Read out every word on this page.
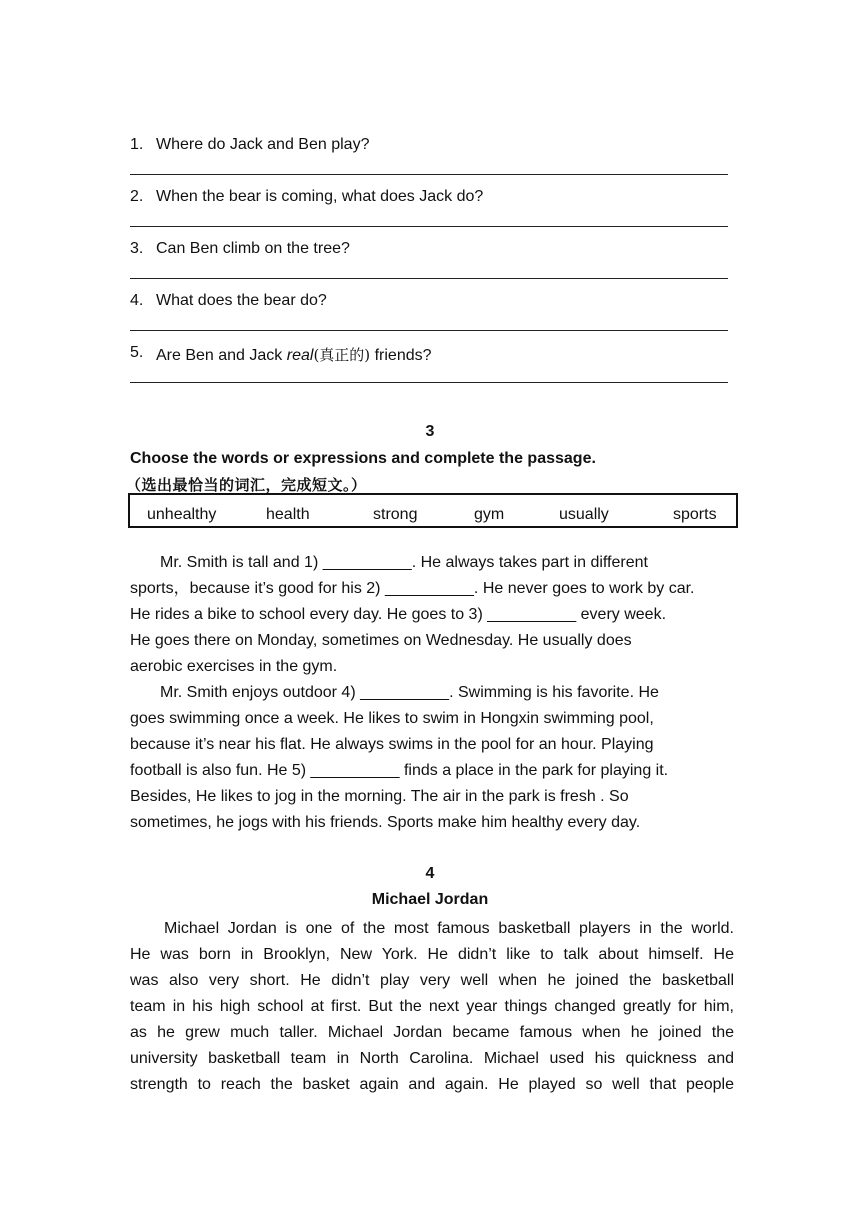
1. Where do Jack and Ben play?
2. When the bear is coming, what does Jack do?
3. Can Ben climb on the tree?
4. What does the bear do?
5. Are Ben and Jack real(真正的) friends?
3
Choose the words or expressions and complete the passage.
（选出最恰当的词汇，完成短文。）
unhealthy	health	strong	gym	usually	sports

Mr. Smith is tall and 1) __________. He always takes part in different

sports，because it’s good for his 2) __________. He never goes to work by car.

He rides a bike to school every day. He goes to 3) __________ every week.

He goes there on Monday, sometimes on Wednesday. He usually does

aerobic exercises in the gym.

Mr. Smith enjoys outdoor 4) __________. Swimming is his favorite. He

goes swimming once a week. He likes to swim in Hongxin swimming pool,

because it’s near his flat. He always swims in the pool for an hour. Playing

football is also fun. He 5) __________ finds a place in the park for playing it.

Besides, He likes to jog in the morning. The air in the park is fresh . So

sometimes, he jogs with his friends. Sports make him healthy every day.

4
Michael Jordan

Michael Jordan is one of the most famous basketball players in the world.

He was born in Brooklyn, New York. He didn’t like to talk about himself. He

was also very short. He didn’t play very well when he joined the basketball

team in his high school at first. But the next year things changed greatly for him,

as he grew much taller. Michael Jordan became famous when he joined the

university basketball team in North Carolina. Michael used his quickness and

strength to reach the basket again and again. He played so well that people
